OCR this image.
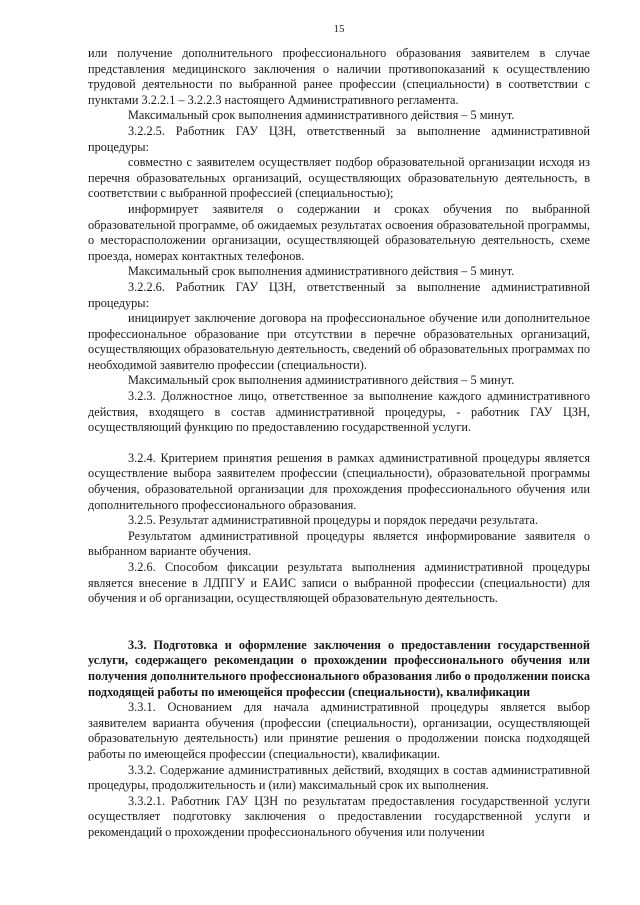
15

или получение дополнительного профессионального образования заявителем в случае представления медицинского заключения о наличии противопоказаний к осуществлению трудовой деятельности по выбранной ранее профессии (специальности) в соответствии с пунктами 3.2.2.1 – 3.2.2.3 настоящего Административного регламента.

Максимальный срок выполнения административного действия – 5 минут.

3.2.2.5. Работник ГАУ ЦЗН, ответственный за выполнение административной процедуры:

совместно с заявителем осуществляет подбор образовательной организации исходя из перечня образовательных организаций, осуществляющих образовательную деятельность, в соответствии с выбранной профессией (специальностью);

информирует заявителя о содержании и сроках обучения по выбранной образовательной программе, об ожидаемых результатах освоения образовательной программы, о месторасположении организации, осуществляющей образовательную деятельность, схеме проезда, номерах контактных телефонов.

Максимальный срок выполнения административного действия – 5 минут.

3.2.2.6. Работник ГАУ ЦЗН, ответственный за выполнение административной процедуры:

инициирует заключение договора на профессиональное обучение или дополнительное профессиональное образование при отсутствии в перечне образовательных организаций, осуществляющих образовательную деятельность, сведений об образовательных программах по необходимой заявителю профессии (специальности).

Максимальный срок выполнения административного действия – 5 минут.

3.2.3. Должностное лицо, ответственное за выполнение каждого административного действия, входящего в состав административной процедуры, - работник ГАУ ЦЗН, осуществляющий функцию по предоставлению государственной услуги.

3.2.4. Критерием принятия решения в рамках административной процедуры является осуществление выбора заявителем профессии (специальности), образовательной программы обучения, образовательной организации для прохождения профессионального обучения или дополнительного профессионального образования.

3.2.5. Результат административной процедуры и порядок передачи результата.

Результатом административной процедуры является информирование заявителя о выбранном варианте обучения.

3.2.6. Способом фиксации результата выполнения административной процедуры является внесение в ЛДПГУ и ЕАИС записи о выбранной профессии (специальности) для обучения и об организации, осуществляющей образовательную деятельность.

3.3. Подготовка и оформление заключения о предоставлении государственной услуги, содержащего рекомендации о прохождении профессионального обучения или получения дополнительного профессионального образования либо о продолжении поиска подходящей работы по имеющейся профессии (специальности), квалификации

3.3.1. Основанием для начала административной процедуры является выбор заявителем варианта обучения (профессии (специальности), организации, осуществляющей образовательную деятельность) или принятие решения о продолжении поиска подходящей работы по имеющейся профессии (специальности), квалификации.

3.3.2. Содержание административных действий, входящих в состав административной процедуры, продолжительность и (или) максимальный срок их выполнения.

3.3.2.1. Работник ГАУ ЦЗН по результатам предоставления государственной услуги осуществляет подготовку заключения о предоставлении государственной услуги и рекомендаций о прохождении профессионального обучения или получении
